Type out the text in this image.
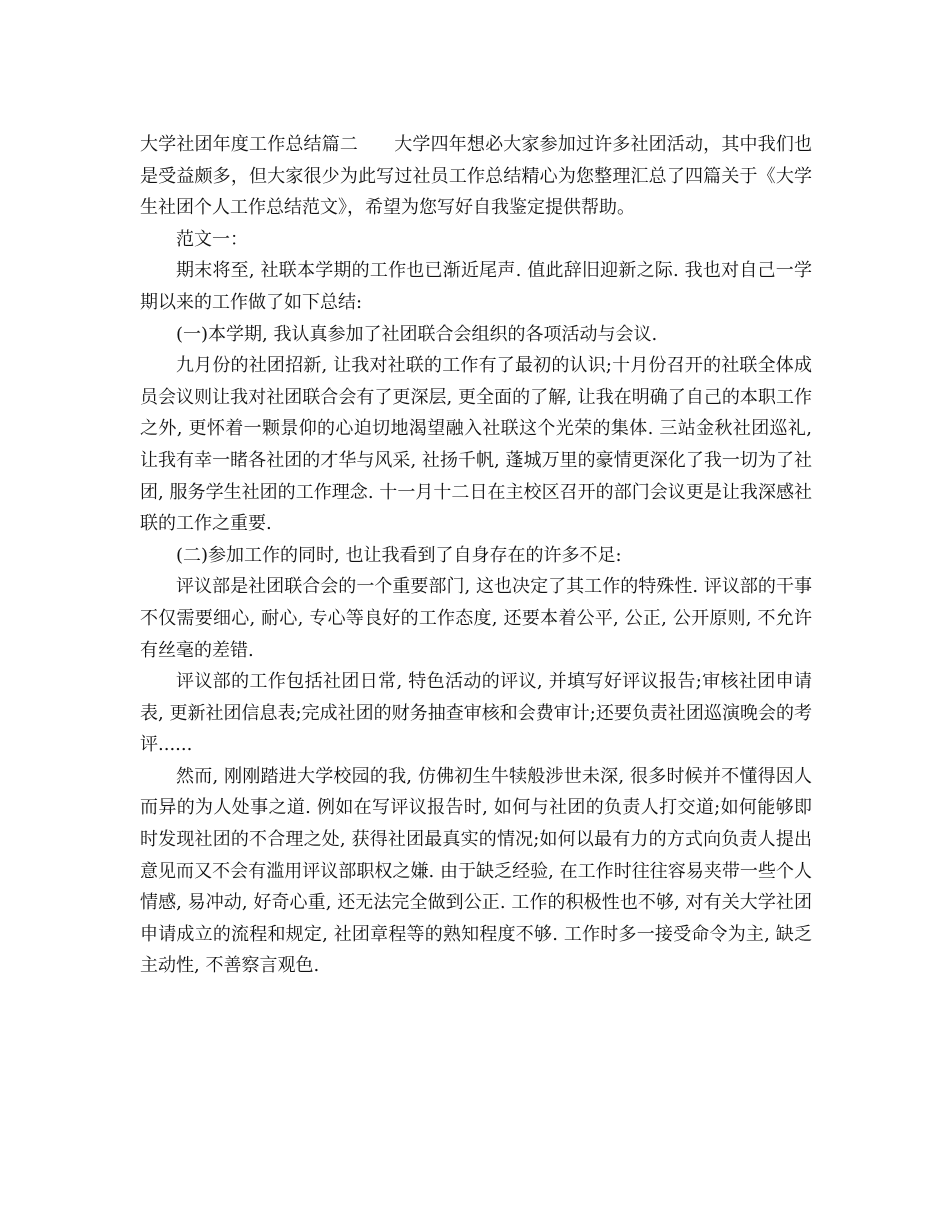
大学社团年度工作总结篇二 大学四年想必大家参加过许多社团活动，其中我们也是受益颇多，但大家很少为此写过社员工作总结精心为您整理汇总了四篇关于《大学生社团个人工作总结范文》，希望为您写好自我鉴定提供帮助。

范文一：

期末将至, 社联本学期的工作也已渐近尾声. 值此辞旧迎新之际. 我也对自己一学期以来的工作做了如下总结:

(一)本学期, 我认真参加了社团联合会组织的各项活动与会议.

九月份的社团招新, 让我对社联的工作有了最初的认识;十月份召开的社联全体成员会议则让我对社团联合会有了更深层, 更全面的了解, 让我在明确了自己的本职工作之外, 更怀着一颗景仰的心迫切地渴望融入社联这个光荣的集体. 三站金秋社团巡礼, 让我有幸一睹各社团的才华与风采, 社扬千帆, 蓬城万里的豪情更深化了我一切为了社团, 服务学生社团的工作理念. 十一月十二日在主校区召开的部门会议更是让我深感社联的工作之重要.

(二)参加工作的同时, 也让我看到了自身存在的许多不足:

评议部是社团联合会的一个重要部门, 这也决定了其工作的特殊性. 评议部的干事不仅需要细心, 耐心, 专心等良好的工作态度, 还要本着公平, 公正, 公开原则, 不允许有丝毫的差错.

评议部的工作包括社团日常, 特色活动的评议, 并填写好评议报告;审核社团申请表, 更新社团信息表;完成社团的财务抽查审核和会费审计;还要负责社团巡演晚会的考评......

然而, 刚刚踏进大学校园的我, 仿佛初生牛犊般涉世未深, 很多时候并不懂得因人而异的为人处事之道. 例如在写评议报告时, 如何与社团的负责人打交道;如何能够即时发现社团的不合理之处, 获得社团最真实的情况;如何以最有力的方式向负责人提出意见而又不会有滥用评议部职权之嫌. 由于缺乏经验, 在工作时往往容易夹带一些个人情感, 易冲动, 好奇心重, 还无法完全做到公正. 工作的积极性也不够, 对有关大学社团申请成立的流程和规定, 社团章程等的熟知程度不够. 工作时多一接受命令为主, 缺乏主动性, 不善察言观色.
